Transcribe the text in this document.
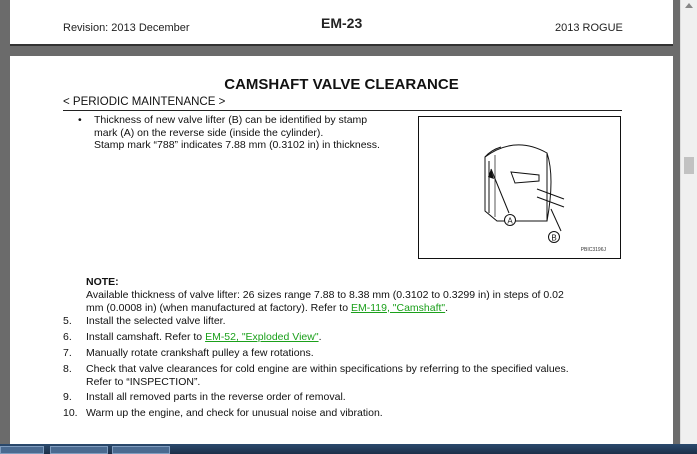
Revision: 2013 December	EM-23	2013 ROGUE
CAMSHAFT VALVE CLEARANCE
< PERIODIC MAINTENANCE >
•	Thickness of new valve lifter (B) can be identified by stamp

mark (A) on the reverse side (inside the cylinder).

Stamp mark “788” indicates 7.88 mm (0.3102 in) in thickness.

A
B
PBIC3196J
NOTE:
Available thickness of valve lifter: 26 sizes range 7.88 to 8.38 mm (0.3102 to 0.3299 in) in steps of 0.02
mm (0.0008 in) (when manufactured at factory). Refer to EM-119, "Camshaft".
5.	Install the selected valve lifter.
6.	Install camshaft. Refer to EM-52, "Exploded View".
7.	Manually rotate crankshaft pulley a few rotations.
8.	Check that valve clearances for cold engine are within specifications by referring to the specified values.
Refer to “INSPECTION”.
9.	Install all removed parts in the reverse order of removal.
10. Warm up the engine, and check for unusual noise and vibration.
